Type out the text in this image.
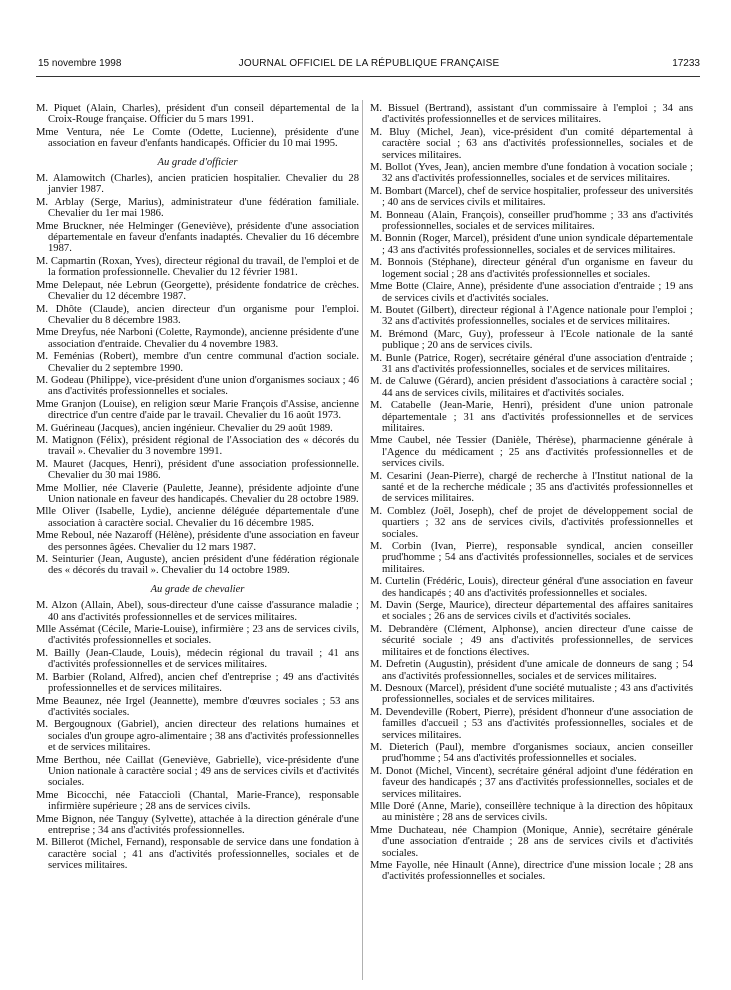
15 novembre 1998	JOURNAL OFFICIEL DE LA RÉPUBLIQUE FRANÇAISE	17233

M. Piquet (Alain, Charles), président d'un conseil départemental de la Croix-Rouge française. Officier du 5 mars 1991.

Mme Ventura, née Le Comte (Odette, Lucienne), présidente d'une association en faveur d'enfants handicapés. Officier du 10 mai 1995.

Au grade d'officier

M. Alamowitch (Charles), ancien praticien hospitalier. Chevalier du 28 janvier 1987.

M. Arblay (Serge, Marius), administrateur d'une fédération familiale. Chevalier du 1er mai 1986.

Mme Bruckner, née Helminger (Geneviève), présidente d'une association départementale en faveur d'enfants inadaptés. Chevalier du 16 décembre 1987.

M. Capmartin (Roxan, Yves), directeur régional du travail, de l'emploi et de la formation professionnelle. Chevalier du 12 février 1981.

Mme Delepaut, née Lebrun (Georgette), présidente fondatrice de crèches. Chevalier du 12 décembre 1987.

M. Dhôte (Claude), ancien directeur d'un organisme pour l'emploi. Chevalier du 8 décembre 1983.

Mme Dreyfus, née Narboni (Colette, Raymonde), ancienne présidente d'une association d'entraide. Chevalier du 4 novembre 1983.

M. Feménias (Robert), membre d'un centre communal d'action sociale. Chevalier du 2 septembre 1990.

M. Godeau (Philippe), vice-président d'une union d'organismes sociaux ; 46 ans d'activités professionnelles et sociales.

Mme Granjon (Louise), en religion sœur Marie François d'Assise, ancienne directrice d'un centre d'aide par le travail. Chevalier du 16 août 1973.

M. Guérineau (Jacques), ancien ingénieur. Chevalier du 29 août 1989.

M. Matignon (Félix), président régional de l'Association des « décorés du travail ». Chevalier du 3 novembre 1991.

M. Mauret (Jacques, Henri), président d'une association professionnelle. Chevalier du 30 mai 1986.

Mme Mollier, née Claverie (Paulette, Jeanne), présidente adjointe d'une Union nationale en faveur des handicapés. Chevalier du 28 octobre 1989.

Mlle Oliver (Isabelle, Lydie), ancienne déléguée départementale d'une association à caractère social. Chevalier du 16 décembre 1985.

Mme Reboul, née Nazaroff (Hélène), présidente d'une association en faveur des personnes âgées. Chevalier du 12 mars 1987.

M. Seinturier (Jean, Auguste), ancien président d'une fédération régionale des « décorés du travail ». Chevalier du 14 octobre 1989.

Au grade de chevalier

M. Alzon (Allain, Abel), sous-directeur d'une caisse d'assurance maladie ; 40 ans d'activités professionnelles et de services militaires.

Mlle Assémat (Cécile, Marie-Louise), infirmière ; 23 ans de services civils, d'activités professionnelles et sociales.

M. Bailly (Jean-Claude, Louis), médecin régional du travail ; 41 ans d'activités professionnelles et de services militaires.

M. Barbier (Roland, Alfred), ancien chef d'entreprise ; 49 ans d'activités professionnelles et de services militaires.

Mme Beaunez, née Irgel (Jeannette), membre d'œuvres sociales ; 53 ans d'activités sociales.

M. Bergougnoux (Gabriel), ancien directeur des relations humaines et sociales d'un groupe agro-alimentaire ; 38 ans d'activités professionnelles et de services militaires.

Mme Berthou, née Caillat (Geneviève, Gabrielle), vice-présidente d'une Union nationale à caractère social ; 49 ans de services civils et d'activités sociales.

Mme Bicocchi, née Fatacciolì (Chantal, Marie-France), responsable infirmière supérieure ; 28 ans de services civils.

Mme Bignon, née Tanguy (Sylvette), attachée à la direction générale d'une entreprise ; 34 ans d'activités professionnelles.

M. Billerot (Michel, Fernand), responsable de service dans une fondation à caractère social ; 41 ans d'activités professionnelles, sociales et de services militaires.

M. Bissuel (Bertrand), assistant d'un commissaire à l'emploi ; 34 ans d'activités professionnelles et de services militaires.

M. Bluy (Michel, Jean), vice-président d'un comité départemental à caractère social ; 63 ans d'activités professionnelles, sociales et de services militaires.

M. Bollot (Yves, Jean), ancien membre d'une fondation à vocation sociale ; 32 ans d'activités professionnelles, sociales et de services militaires.

M. Bombart (Marcel), chef de service hospitalier, professeur des universités ; 40 ans de services civils et militaires.

M. Bonneau (Alain, François), conseiller prud'homme ; 33 ans d'activités professionnelles, sociales et de services militaires.

M. Bonnin (Roger, Marcel), président d'une union syndicale départementale ; 43 ans d'activités professionnelles, sociales et de services militaires.

M. Bonnois (Stéphane), directeur général d'un organisme en faveur du logement social ; 28 ans d'activités professionnelles et sociales.

Mme Botte (Claire, Anne), présidente d'une association d'entraide ; 19 ans de services civils et d'activités sociales.

M. Boutet (Gilbert), directeur régional à l'Agence nationale pour l'emploi ; 32 ans d'activités professionnelles, sociales et de services militaires.

M. Brémond (Marc, Guy), professeur à l'Ecole nationale de la santé publique ; 20 ans de services civils.

M. Bunle (Patrice, Roger), secrétaire général d'une association d'entraide ; 31 ans d'activités professionnelles, sociales et de services militaires.

M. de Caluwe (Gérard), ancien président d'associations à caractère social ; 44 ans de services civils, militaires et d'activités sociales.

M. Catabelle (Jean-Marie, Henri), président d'une union patronale départementale ; 31 ans d'activités professionnelles et de services militaires.

Mme Caubel, née Tessier (Danièle, Thérèse), pharmacienne générale à l'Agence du médicament ; 25 ans d'activités professionnelles et de services civils.

M. Cesarini (Jean-Pierre), chargé de recherche à l'Institut national de la santé et de la recherche médicale ; 35 ans d'activités professionnelles et de services militaires.

M. Comblez (Joël, Joseph), chef de projet de développement social de quartiers ; 32 ans de services civils, d'activités professionnelles et sociales.

M. Corbin (Ivan, Pierre), responsable syndical, ancien conseiller prud'homme ; 54 ans d'activités professionnelles, sociales et de services militaires.

M. Curtelin (Frédéric, Louis), directeur général d'une association en faveur des handicapés ; 40 ans d'activités professionnelles et sociales.

M. Davin (Serge, Maurice), directeur départemental des affaires sanitaires et sociales ; 26 ans de services civils et d'activités sociales.

M. Debrandère (Clément, Alphonse), ancien directeur d'une caisse de sécurité sociale ; 49 ans d'activités professionnelles, de services militaires et de fonctions électives.

M. Defretin (Augustin), président d'une amicale de donneurs de sang ; 54 ans d'activités professionnelles, sociales et de services militaires.

M. Desnoux (Marcel), président d'une société mutualiste ; 43 ans d'activités professionnelles, sociales et de services militaires.

M. Devendeville (Robert, Pierre), président d'honneur d'une association de familles d'accueil ; 53 ans d'activités professionnelles, sociales et de services militaires.

M. Dieterich (Paul), membre d'organismes sociaux, ancien conseiller prud'homme ; 54 ans d'activités professionnelles et sociales.

M. Donot (Michel, Vincent), secrétaire général adjoint d'une fédération en faveur des handicapés ; 37 ans d'activités professionnelles, sociales et de services militaires.

Mlle Doré (Anne, Marie), conseillère technique à la direction des hôpitaux au ministère ; 28 ans de services civils.

Mme Duchateau, née Champion (Monique, Annie), secrétaire générale d'une association d'entraide ; 28 ans de services civils et d'activités sociales.

Mme Fayolle, née Hinault (Anne), directrice d'une mission locale ; 28 ans d'activités professionnelles et sociales.
